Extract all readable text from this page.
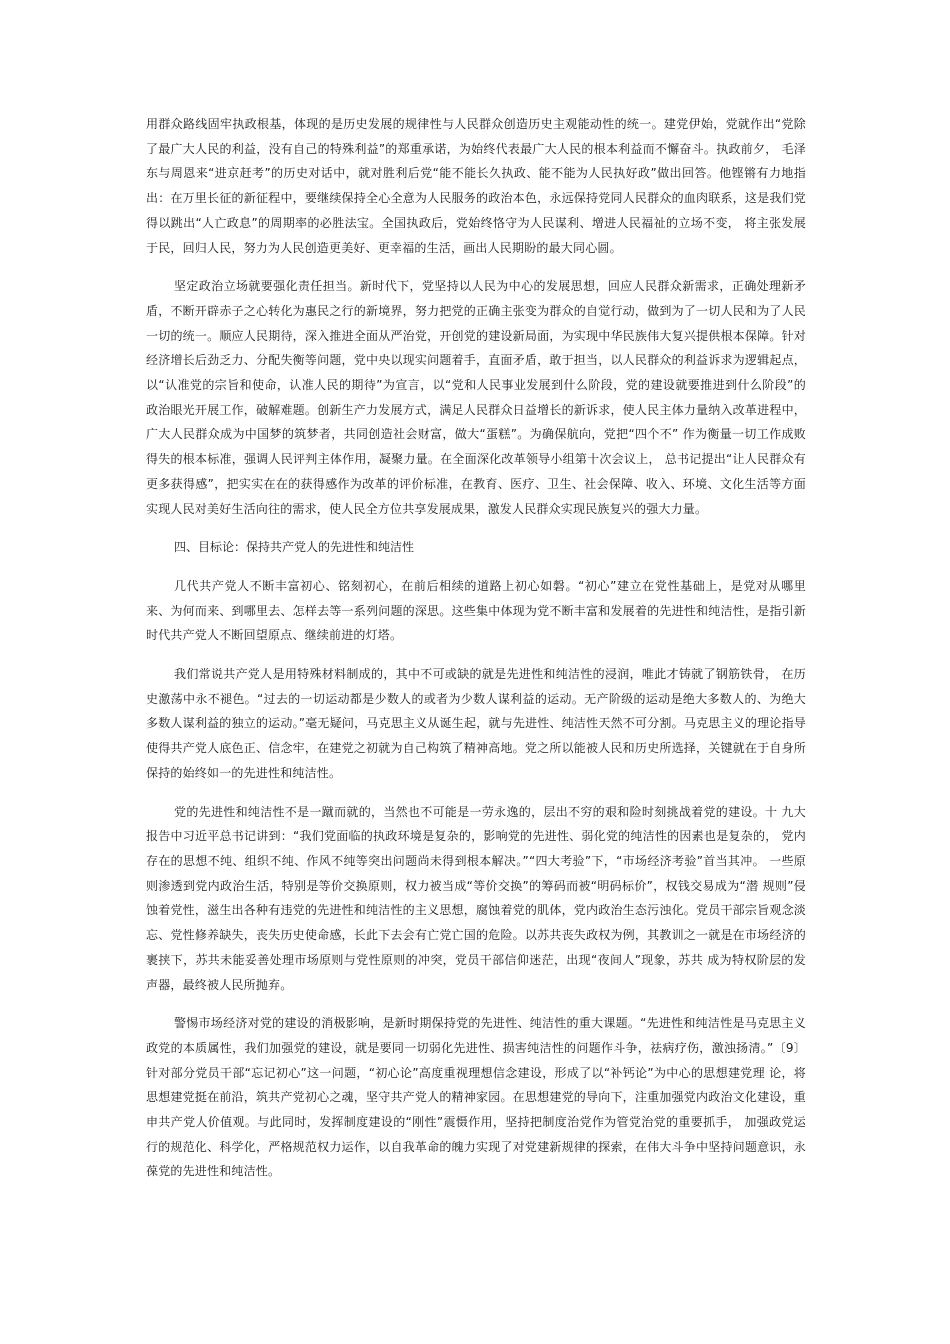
用群众路线固牢执政根基，体现的是历史发展的规律性与人民群众创造历史主观能动性的统一。建党伊始，党就作出“党除了最广大人民的利益，没有自己的特殊利益”的郑重承诺，为始终代表最广大人民的根本利益而不懈奋斗。执政前夕， 毛泽东与周恩来“进京赶考”的历史对话中，就对胜利后党“能不能长久执政、能不能为人民执好政”做出回答。他铿锵有力地指出：在万里长征的新征程中，要继续保持全心全意为人民服务的政治本色，永远保持党同人民群众的血肉联系，这是我们党得以跳出“人亡政息”的周期率的必胜法宝。全国执政后，党始终恪守为人民谋利、增进人民福祉的立场不变， 将主张发展于民，回归人民，努力为人民创造更美好、更幸福的生活，画出人民期盼的最大同心圆。

坚定政治立场就要强化责任担当。新时代下，党坚持以人民为中心的发展思想，回应人民群众新需求，正确处理新矛盾，不断开辟赤子之心转化为惠民之行的新境界，努力把党的正确主张变为群众的自觉行动，做到为了一切人民和为了人民一切的统一。顺应人民期待，深入推进全面从严治党，开创党的建设新局面，为实现中华民族伟大复兴提供根本保障。针对经济增长后劲乏力、分配失衡等问题，党中央以现实问题着手，直面矛盾，敢于担当，以人民群众的利益诉求为逻辑起点，以“认准党的宗旨和使命，认准人民的期待”为宣言，以“党和人民事业发展到什么阶段，党的建设就要推进到什么阶段”的政治眼光开展工作，破解难题。创新生产力发展方式，满足人民群众日益增长的新诉求，使人民主体力量纳入改革进程中，广大人民群众成为中国梦的筑梦者，共同创造社会财富，做大“蛋糕”。为确保航向，党把“四个不” 作为衡量一切工作成败得失的根本标准，强调人民评判主体作用，凝聚力量。在全面深化改革领导小组第十次会议上， 总书记提出“让人民群众有更多获得感”，把实实在在的获得感作为改革的评价标准，在教育、医疗、卫生、社会保障、收入、环境、文化生活等方面实现人民对美好生活向往的需求，使人民全方位共享发展成果，激发人民群众实现民族复兴的强大力量。

四、目标论：保持共产党人的先进性和纯洁性

几代共产党人不断丰富初心、铭刻初心，在前后相续的道路上初心如磐。“初心”建立在党性基础上，是党对从哪里来、为何而来、到哪里去、怎样去等一系列问题的深思。这些集中体现为党不断丰富和发展着的先进性和纯洁性，是指引新时代共产党人不断回望原点、继续前进的灯塔。

我们常说共产党人是用特殊材料制成的，其中不可或缺的就是先进性和纯洁性的浸润，唯此才铸就了钢筋铁骨， 在历史激荡中永不褪色。“过去的一切运动都是少数人的或者为少数人谋利益的运动。无产阶级的运动是绝大多数人的、为绝大多数人谋利益的独立的运动。”毫无疑问，马克思主义从诞生起，就与先进性、纯洁性天然不可分割。马克思主义的理论指导使得共产党人底色正、信念牢，在建党之初就为自己构筑了精神高地。党之所以能被人民和历史所选择，关键就在于自身所保持的始终如一的先进性和纯洁性。

党的先进性和纯洁性不是一蹴而就的，当然也不可能是一劳永逸的，层出不穷的艰和险时刻挑战着党的建设。十 九大报告中习近平总书记讲到：“我们党面临的执政环境是复杂的，影响党的先进性、弱化党的纯洁性的因素也是复杂的， 党内存在的思想不纯、组织不纯、作风不纯等突出问题尚未得到根本解决。”“四大考验”下，“市场经济考验”首当其冲。 一些原则渗透到党内政治生活，特别是等价交换原则，权力被当成“等价交换”的筹码而被“明码标价”，权钱交易成为“潜 规则”侵蚀着党性，滋生出各种有违党的先进性和纯洁性的主义思想，腐蚀着党的肌体，党内政治生态污浊化。党员干部宗旨观念淡忘、党性修养缺失，丧失历史使命感，长此下去会有亡党亡国的危险。以苏共丧失政权为例，其教训之一就是在市场经济的裹挟下，苏共未能妥善处理市场原则与党性原则的冲突，党员干部信仰迷茫，出现“夜间人”现象，苏共 成为特权阶层的发声器，最终被人民所抛弃。

警惕市场经济对党的建设的消极影响，是新时期保持党的先进性、纯洁性的重大课题。“先进性和纯洁性是马克思主义政党的本质属性，我们加强党的建设，就是要同一切弱化先进性、损害纯洁性的问题作斗争，祛病疗伤，激浊扬清。”〔9〕针对部分党员干部“忘记初心”这一问题，“初心论”高度重视理想信念建设，形成了以“补钙论”为中心的思想建党理 论，将思想建党挺在前沿，筑共产党初心之魂，坚守共产党人的精神家园。在思想建党的导向下，注重加强党内政治文化建设，重申共产党人价值观。与此同时，发挥制度建设的“刚性”震慑作用，坚持把制度治党作为管党治党的重要抓手， 加强政党运行的规范化、科学化，严格规范权力运作，以自我革命的魄力实现了对党建新规律的探索，在伟大斗争中坚持问题意识，永葆党的先进性和纯洁性。
